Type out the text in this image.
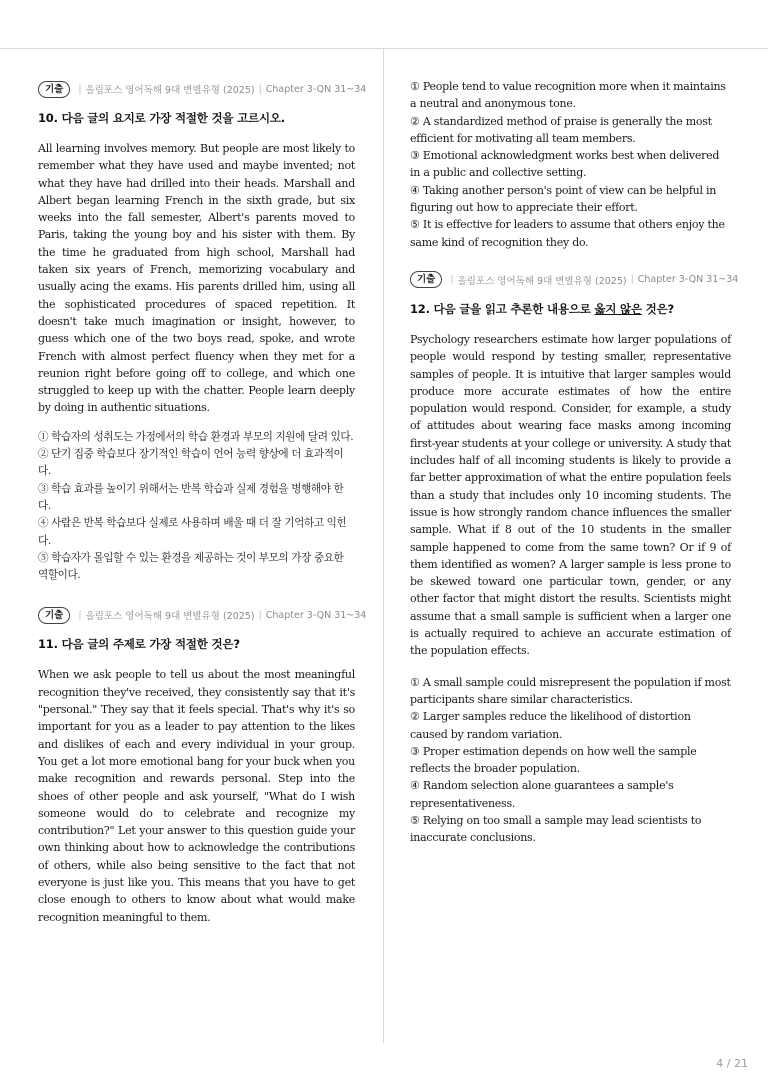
기출	| 올림포스 영어독해 9대 변별유형 (2025) | Chapter 3-QN 31~34
10. 다음 글의 요지로 가장 적절한 것을 고르시오.

All learning involves memory. But people are most likely to remember what they have used and maybe invented; not what they have had drilled into their heads. Marshall and Albert began learning French in the sixth grade, but six weeks into the fall semester, Albert's parents moved to Paris, taking the young boy and his sister with them. By the time he graduated from high school, Marshall had taken six years of French, memorizing vocabulary and usually acing the exams. His parents drilled him, using all the sophisticated procedures of spaced repetition. It doesn't take much imagination or insight, however, to guess which one of the two boys read, spoke, and wrote French with almost perfect fluency when they met for a reunion right before going off to college, and which one struggled to keep up with the chatter. People learn deeply by doing in authentic situations.

① 학습자의 성취도는 가정에서의 학습 환경과 부모의 지원에 달려 있다.

② 단기 집중 학습보다 장기적인 학습이 언어 능력 향상에 더 효과적이다.

③ 학습 효과를 높이기 위해서는 반복 학습과 실제 경험을 병행해야 한다.

④ 사람은 반복 학습보다 실제로 사용하며 배울 때 더 잘 기억하고 익힌다.

⑤ 학습자가 몰입할 수 있는 환경을 제공하는 것이 부모의 가장 중요한 역할이다.

기출	| 올림포스 영어독해 9대 변별유형 (2025) | Chapter 3-QN 31~34
11. 다음 글의 주제로 가장 적절한 것은?

When we ask people to tell us about the most meaningful recognition they've received, they consistently say that it's "personal." They say that it feels special. That's why it's so important for you as a leader to pay attention to the likes and dislikes of each and every individual in your group. You get a lot more emotional bang for your buck when you make recognition and rewards personal. Step into the shoes of other people and ask yourself, "What do I wish someone would do to celebrate and recognize my contribution?" Let your answer to this question guide your own thinking about how to acknowledge the contributions of others, while also being sensitive to the fact that not everyone is just like you. This means that you have to get close enough to others to know about what would make recognition meaningful to them.

① People tend to value recognition more when it maintains a neutral and anonymous tone.

② A standardized method of praise is generally the most efficient for motivating all team members.

③ Emotional acknowledgment works best when delivered in a public and collective setting.

④ Taking another person's point of view can be helpful in figuring out how to appreciate their effort.

⑤ It is effective for leaders to assume that others enjoy the same kind of recognition they do.

기출	| 올림포스 영어독해 9대 변별유형 (2025) | Chapter 3-QN 31~34
12. 다음 글을 읽고 추론한 내용으로 옳지 않은 것은?

Psychology researchers estimate how larger populations of people would respond by testing smaller, representative samples of people. It is intuitive that larger samples would produce more accurate estimates of how the entire population would respond. Consider, for example, a study of attitudes about wearing face masks among incoming first-year students at your college or university. A study that includes half of all incoming students is likely to provide a far better approximation of what the entire population feels than a study that includes only 10 incoming students. The issue is how strongly random chance influences the smaller sample. What if 8 out of the 10 students in the smaller sample happened to come from the same town? Or if 9 of them identified as women? A larger sample is less prone to be skewed toward one particular town, gender, or any other factor that might distort the results. Scientists might assume that a small sample is sufficient when a larger one is actually required to achieve an accurate estimation of the population effects.

① A small sample could misrepresent the population if most participants share similar characteristics.

② Larger samples reduce the likelihood of distortion caused by random variation.

③ Proper estimation depends on how well the sample reflects the broader population.

④ Random selection alone guarantees a sample's representativeness.

⑤ Relying on too small a sample may lead scientists to inaccurate conclusions.

4 / 21
